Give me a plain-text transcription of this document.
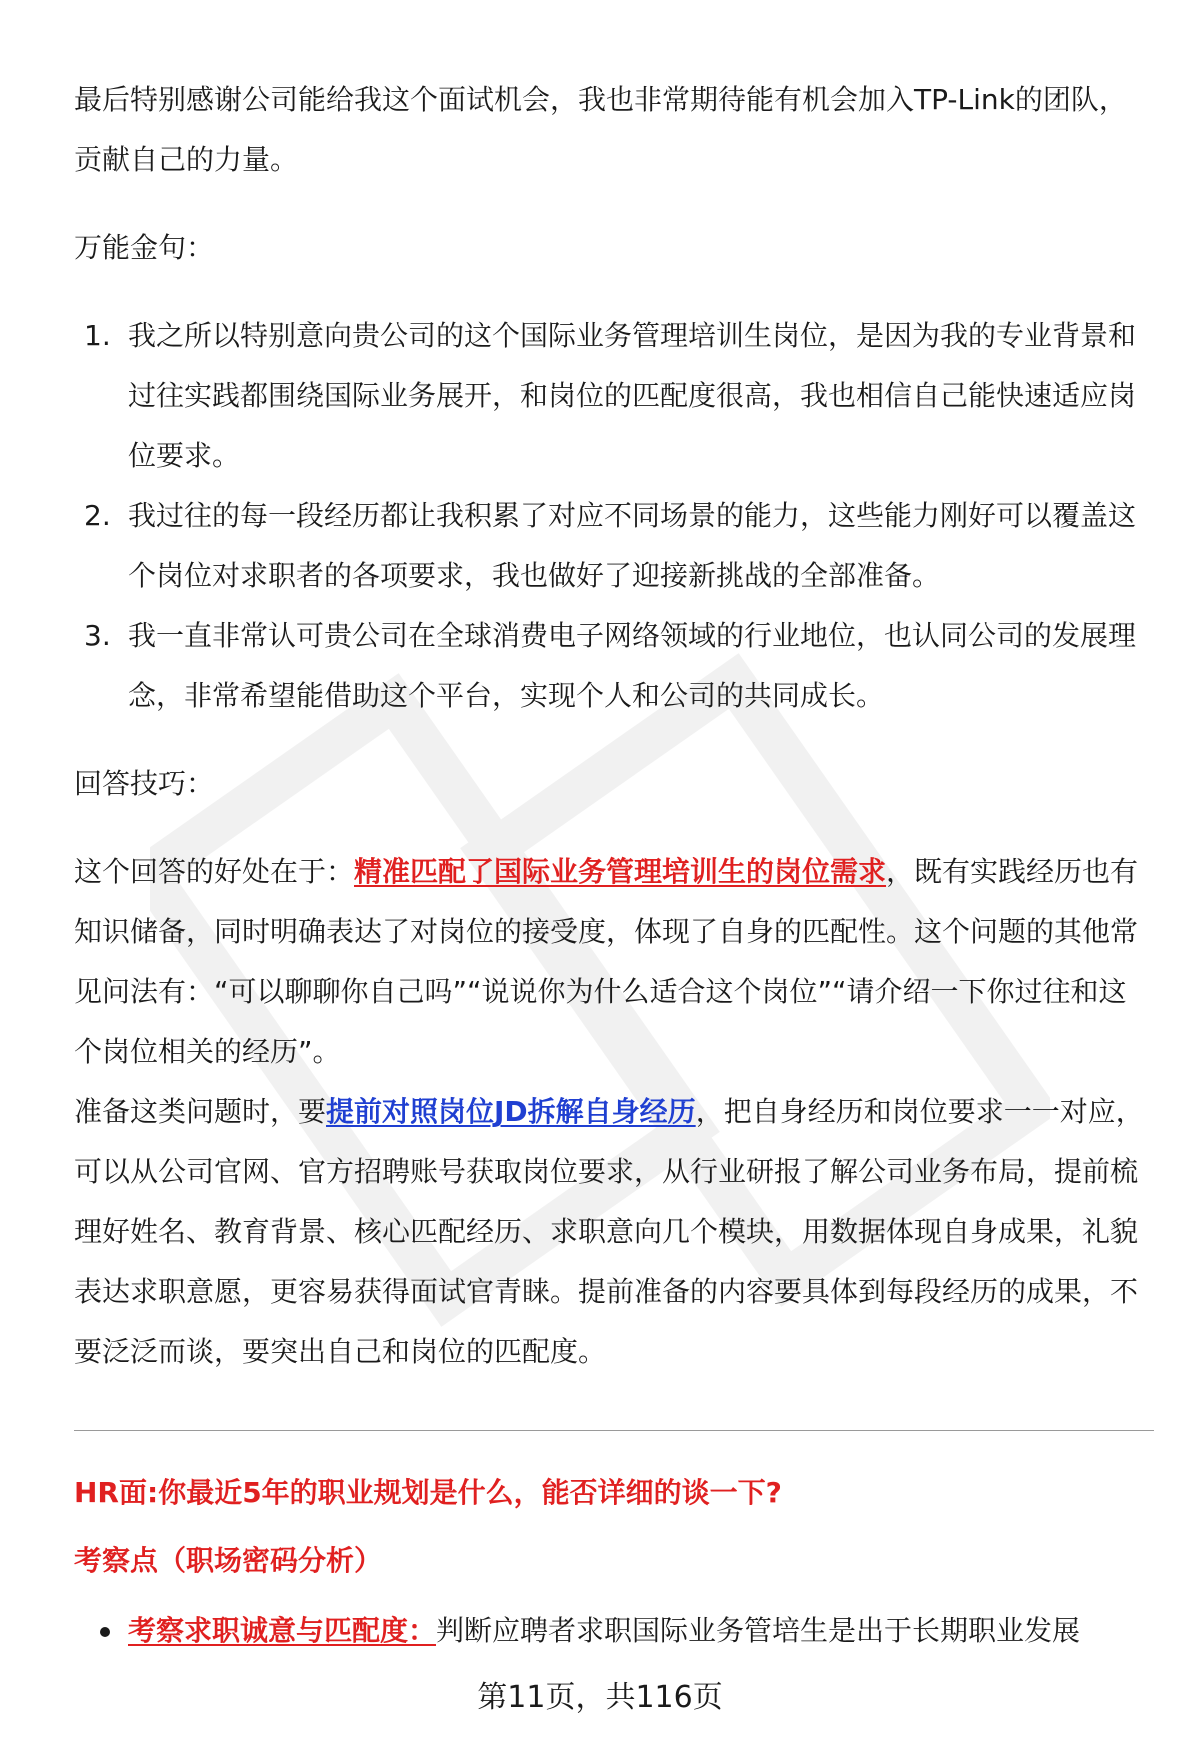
最后特别感谢公司能给我这个面试机会，我也非常期待能有机会加入TP-Link的团队，贡献自己的力量。

万能金句：

1. 我之所以特别意向贵公司的这个国际业务管理培训生岗位，是因为我的专业背景和过往实践都围绕国际业务展开，和岗位的匹配度很高，我也相信自己能快速适应岗位要求。
2. 我过往的每一段经历都让我积累了对应不同场景的能力，这些能力刚好可以覆盖这个岗位对求职者的各项要求，我也做好了迎接新挑战的全部准备。
3. 我一直非常认可贵公司在全球消费电子网络领域的行业地位，也认同公司的发展理念，非常希望能借助这个平台，实现个人和公司的共同成长。

回答技巧：

这个回答的好处在于：精准匹配了国际业务管理培训生的岗位需求，既有实践经历也有知识储备，同时明确表达了对岗位的接受度，体现了自身的匹配性。这个问题的其他常见问法有：“可以聊聊你自己吗”“说说你为什么适合这个岗位”“请介绍一下你过往和这个岗位相关的经历”。

准备这类问题时，要提前对照岗位JD拆解自身经历，把自身经历和岗位要求一一对应，可以从公司官网、官方招聘账号获取岗位要求，从行业研报了解公司业务布局，提前梳理好姓名、教育背景、核心匹配经历、求职意向几个模块，用数据体现自身成果，礼貌表达求职意愿，更容易获得面试官青睐。提前准备的内容要具体到每段经历的成果，不要泛泛而谈，要突出自己和岗位的匹配度。

HR面:你最近5年的职业规划是什么，能否详细的谈一下?

考察点（职场密码分析）

考察求职诚意与匹配度：判断应聘者求职国际业务管培生是出于长期职业发展
第11页，共116页
